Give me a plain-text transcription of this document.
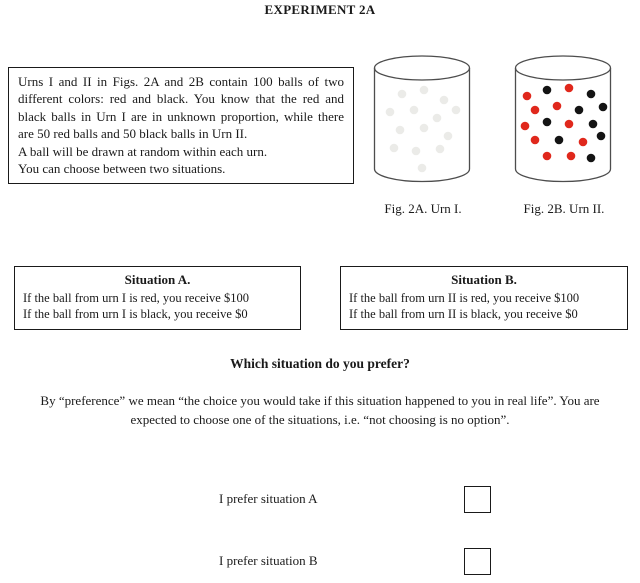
EXPERIMENT 2A
Urns I and II in Figs. 2A and 2B contain 100 balls of two different colors: red and black. You know that the red and black balls in Urn I are in unknown proportion, while there are 50 red balls and 50 black balls in Urn II.
A ball will be drawn at random within each urn.
You can choose between two situations.
Fig. 2A. Urn I.	Fig. 2B. Urn II.
Situation A.
If the ball from urn I is red, you receive $100
If the ball from urn I is black, you receive $0
Situation B.
If the ball from urn II is red, you receive $100
If the ball from urn II is black, you receive $0
Which situation do you prefer?
By “preference” we mean “the choice you would take if this situation happened to you in real life”. You are expected to choose one of the situations, i.e. “not choosing is no option”.
I prefer situation A
I prefer situation B
